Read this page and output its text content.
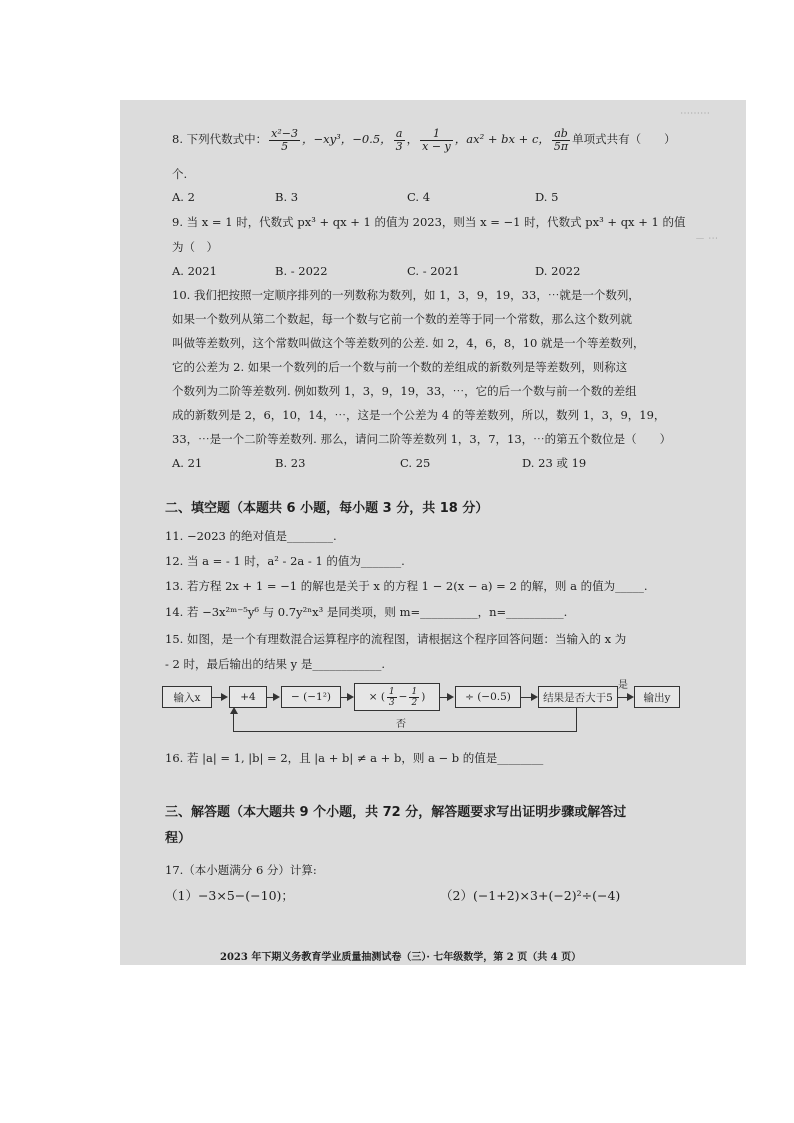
⋯⋯⋯
－ ⋯
8. 下列代数式中： $\frac{\text{x²−3}}{5}$ ，−xy³，−0.5， $\frac{a}{3}$ ， $\frac{1}{x - y}$ ，ax² + bx + c， $\frac{ab}{5\pi}$ 单项式共有（　　）
个.
A. 2	B. 3	C. 4	D. 5
9. 当 x = 1 时，代数式 px³ + qx + 1 的值为 2023，则当 x = −1 时，代数式 px³ + qx + 1 的值
为（　）
A. 2021	B. - 2022	C. - 2021	D. 2022
10. 我们把按照一定顺序排列的一列数称为数列，如 1，3，9，19，33，⋯就是一个数列，
如果一个数列从第二个数起，每一个数与它前一个数的差等于同一个常数，那么这个数列就
叫做等差数列，这个常数叫做这个等差数列的公差. 如 2，4，6，8，10 就是一个等差数列，
它的公差为 2. 如果一个数列的后一个数与前一个数的差组成的新数列是等差数列，则称这
个数列为二阶等差数列. 例如数列 1，3，9，19，33，⋯，它的后一个数与前一个数的差组
成的新数列是 2，6，10，14，⋯，这是一个公差为 4 的等差数列，所以，数列 1，3，9，19，
33，⋯是一个二阶等差数列. 那么，请问二阶等差数列 1，3，7，13，⋯的第五个数位是（　　）
A. 21	B. 23	C. 25	D. 23 或 19
二、填空题（本题共 6 小题，每小题 3 分，共 18 分）
11. −2023 的绝对值是________.
12. 当 a = - 1 时，a² - 2a - 1 的值为_______.
13. 若方程 2x + 1 = −1 的解也是关于 x 的方程 1 − 2(x − a) = 2 的解，则 a 的值为_____.
14. 若 −3x²ᵐ⁻⁵y⁶ 与 0.7y²ⁿx³ 是同类项，则 m=__________，n=__________.
15. 如图，是一个有理数混合运算程序的流程图，请根据这个程序回答问题：当输入的 x 为
- 2 时，最后输出的结果 y 是____________.
输入x	+4	− (−1²)	× ( $\frac{1}{3} - \frac{1}{2}$ )	÷ (−0.5)	结果是否大于5
是
输出y
否
16. 若 |a| = 1, |b| = 2，且 |a + b| ≠ a + b，则 a − b 的值是________
三、解答题（本大题共 9 个小题，共 72 分，解答题要求写出证明步骤或解答过
程）
17.（本小题满分 6 分）计算:
（1）−3×5−(−10)；	（2）(−1+2)×3+(−2)²÷(−4)
2023 年下期义务教育学业质量抽测试卷（三）· 七年级数学，第 2 页（共 4 页）
